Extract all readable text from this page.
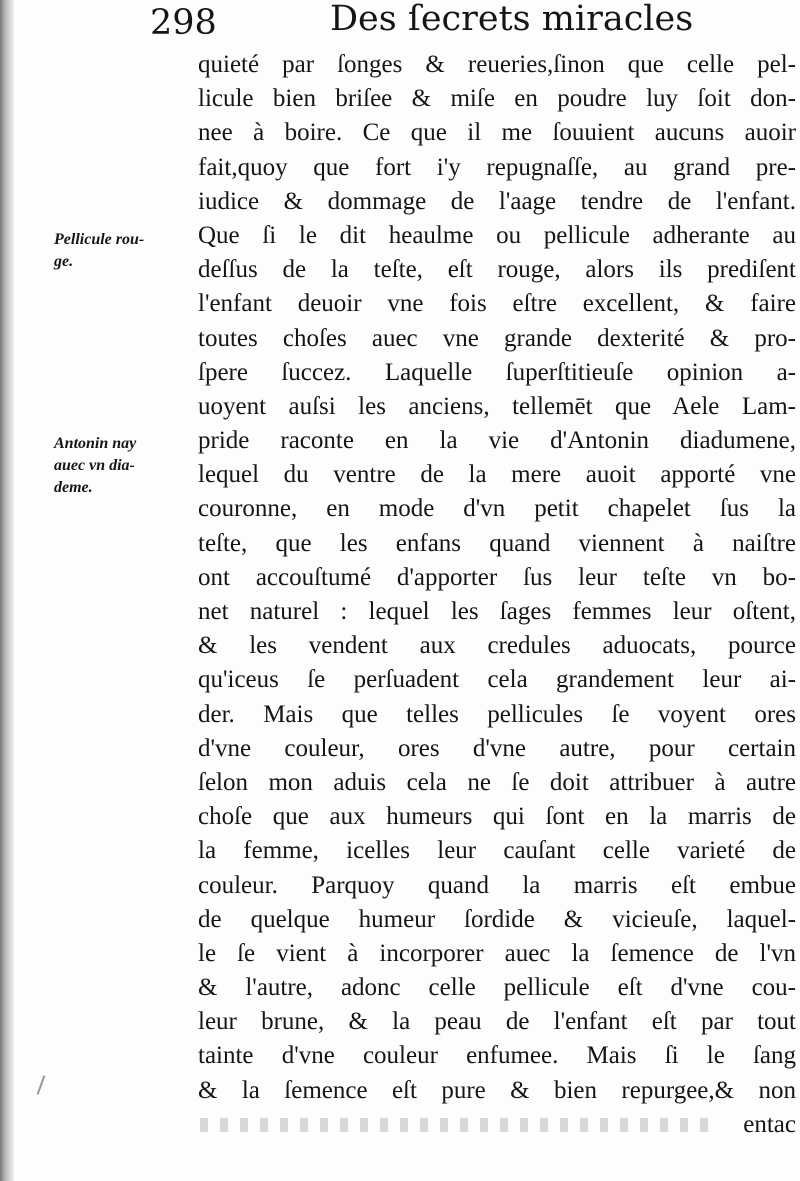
298	Des ſecrets miracles
Pellicule rou-
ge.
Antonin nay
auec vn dia-
deme.
quieté par ſonges & reueries,ſinon que celle pel-
licule bien briſee & miſe en poudre luy ſoit don-
nee à boire. Ce que il me ſouuient aucuns auoir
fait,quoy que fort i'y repugnaſſe, au grand pre-
iudice & dommage de l'aage tendre de l'enfant.
Que ſi le dit heaulme ou pellicule adherante au
deſſus de la teſte, eſt rouge, alors ils prediſent
l'enfant deuoir vne fois eſtre excellent, & faire
toutes choſes auec vne grande dexterité & pro-
ſpere ſuccez. Laquelle ſuperſtitieuſe opinion a-
uoyent auſsi les anciens, tellemēt que Aele Lam-
pride raconte en la vie d'Antonin diadumene,
lequel du ventre de la mere auoit apporté vne
couronne, en mode d'vn petit chapelet ſus la
teſte, que les enfans quand viennent à naiſtre
ont accouſtumé d'apporter ſus leur teſte vn bo-
net naturel : lequel les ſages femmes leur oſtent,
& les vendent aux credules aduocats, pource
qu'iceus ſe perſuadent cela grandement leur ai-
der. Mais que telles pellicules ſe voyent ores
d'vne couleur, ores d'vne autre, pour certain
ſelon mon aduis cela ne ſe doit attribuer à autre
choſe que aux humeurs qui ſont en la marris de
la femme, icelles leur cauſant celle varieté de
couleur. Parquoy quand la marris eſt embue
de quelque humeur ſordide & vicieuſe, laquel-
le ſe vient à incorporer auec la ſemence de l'vn
& l'autre, adonc celle pellicule eſt d'vne cou-
leur brune, & la peau de l'enfant eſt par tout
tainte d'vne couleur enfumee. Mais ſi le ſang
& la ſemence eſt pure & bien repurgee,& non
entac
